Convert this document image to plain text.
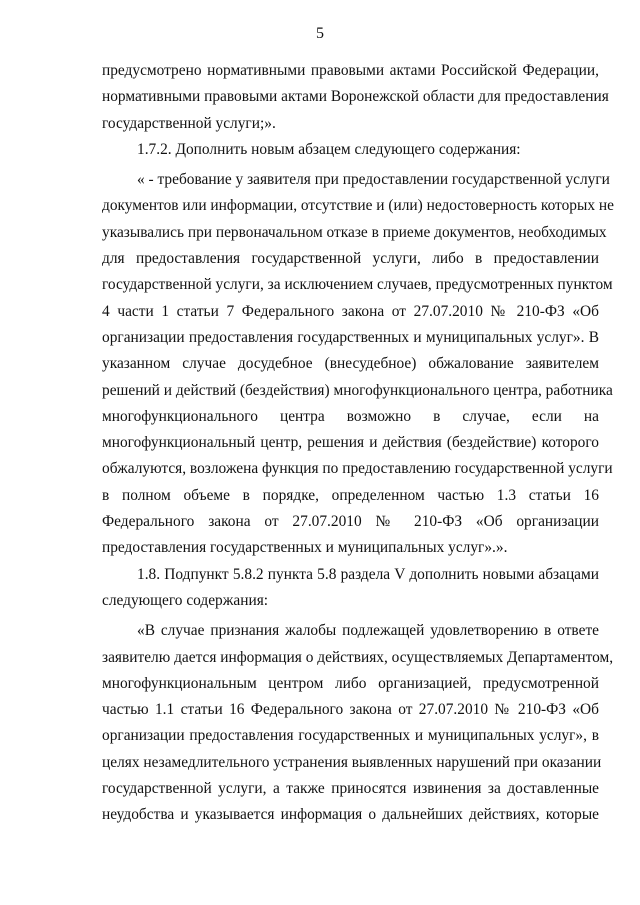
5
предусмотрено нормативными правовыми актами Российской Федерации,
нормативными правовыми актами Воронежской области для предоставления
государственной услуги;».
1.7.2. Дополнить новым абзацем следующего содержания:
« - требование у заявителя при предоставлении государственной услуги
документов или информации, отсутствие и (или) недостоверность которых не
указывались при первоначальном отказе в приеме документов, необходимых
для предоставления государственной услуги, либо в предоставлении
государственной услуги, за исключением случаев, предусмотренных пунктом
4 части 1 статьи 7 Федерального закона от 27.07.2010 № 210-ФЗ «Об
организации предоставления государственных и муниципальных услуг». В
указанном случае досудебное (внесудебное) обжалование заявителем
решений и действий (бездействия) многофункционального центра, работника
многофункционального центра возможно в случае, если на
многофункциональный центр, решения и действия (бездействие) которого
обжалуются, возложена функция по предоставлению государственной услуги
в полном объеме в порядке, определенном частью 1.3 статьи 16
Федерального закона от 27.07.2010 № 210-ФЗ «Об организации
предоставления государственных и муниципальных услуг».».
1.8. Подпункт 5.8.2 пункта 5.8 раздела V дополнить новыми абзацами
следующего содержания:
«В случае признания жалобы подлежащей удовлетворению в ответе
заявителю дается информация о действиях, осуществляемых Департаментом,
многофункциональным центром либо организацией, предусмотренной
частью 1.1 статьи 16 Федерального закона от 27.07.2010 № 210-ФЗ «Об
организации предоставления государственных и муниципальных услуг», в
целях незамедлительного устранения выявленных нарушений при оказании
государственной услуги, а также приносятся извинения за доставленные
неудобства и указывается информация о дальнейших действиях, которые
